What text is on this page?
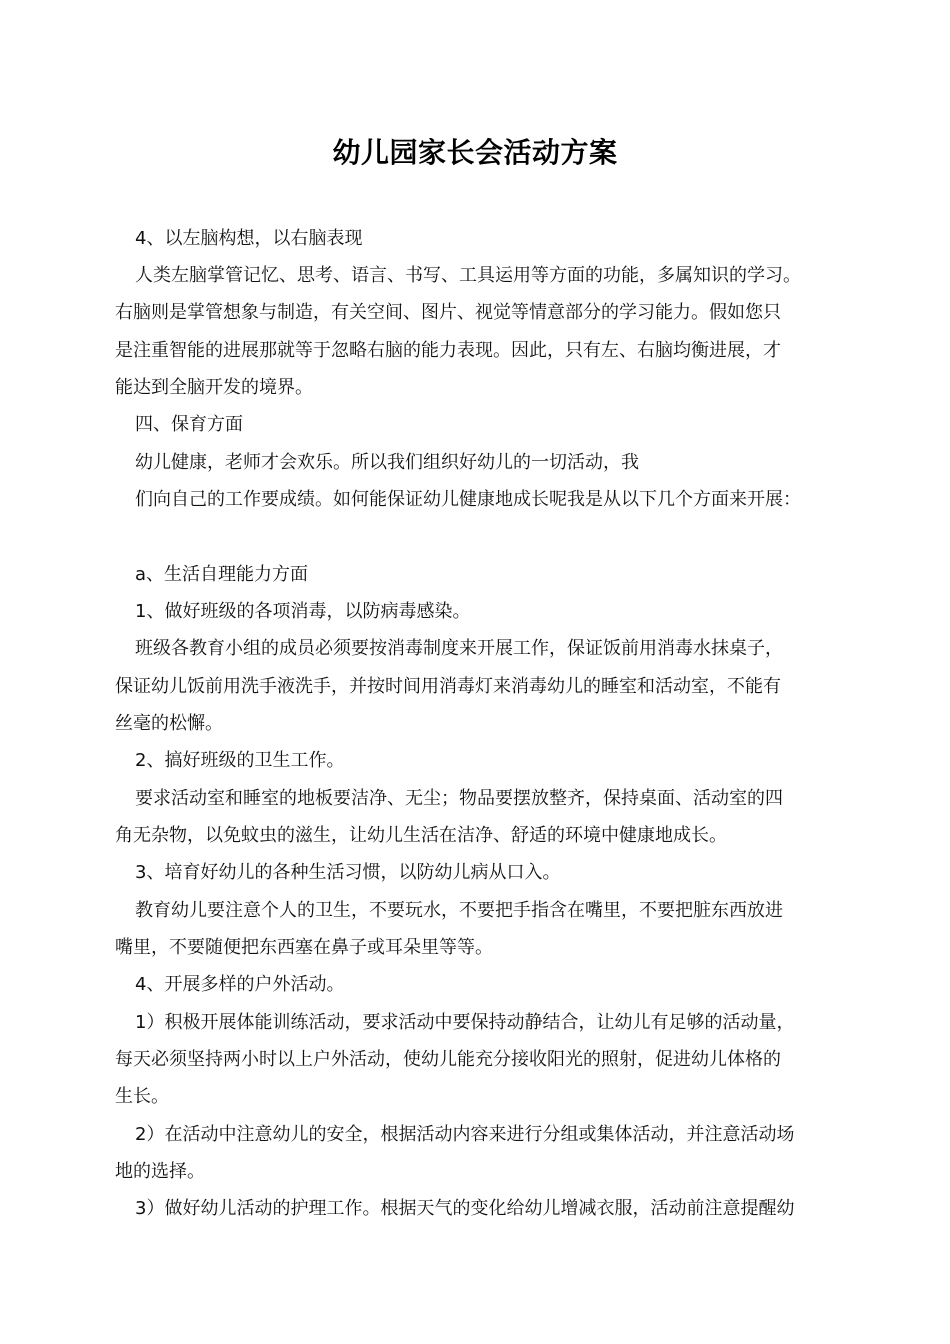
幼儿园家长会活动方案
4、以左脑构想，以右脑表现
人类左脑掌管记忆、思考、语言、书写、工具运用等方面的功能，多属知识的学习。
右脑则是掌管想象与制造，有关空间、图片、视觉等情意部分的学习能力。假如您只
是注重智能的进展那就等于忽略右脑的能力表现。因此，只有左、右脑均衡进展，才
能达到全脑开发的境界。
四、保育方面
幼儿健康，老师才会欢乐。所以我们组织好幼儿的一切活动，我
们向自己的工作要成绩。如何能保证幼儿健康地成长呢我是从以下几个方面来开展：
a、生活自理能力方面
1、做好班级的各项消毒，以防病毒感染。
班级各教育小组的成员必须要按消毒制度来开展工作，保证饭前用消毒水抹桌子，
保证幼儿饭前用洗手液洗手，并按时间用消毒灯来消毒幼儿的睡室和活动室，不能有
丝毫的松懈。
2、搞好班级的卫生工作。
要求活动室和睡室的地板要洁净、无尘；物品要摆放整齐，保持桌面、活动室的四
角无杂物，以免蚊虫的滋生，让幼儿生活在洁净、舒适的环境中健康地成长。
3、培育好幼儿的各种生活习惯，以防幼儿病从口入。
教育幼儿要注意个人的卫生，不要玩水，不要把手指含在嘴里，不要把脏东西放进
嘴里，不要随便把东西塞在鼻子或耳朵里等等。
4、开展多样的户外活动。
1）积极开展体能训练活动，要求活动中要保持动静结合，让幼儿有足够的活动量，
每天必须坚持两小时以上户外活动，使幼儿能充分接收阳光的照射，促进幼儿体格的
生长。
2）在活动中注意幼儿的安全，根据活动内容来进行分组或集体活动，并注意活动场
地的选择。
3）做好幼儿活动的护理工作。根据天气的变化给幼儿增减衣服，活动前注意提醒幼
